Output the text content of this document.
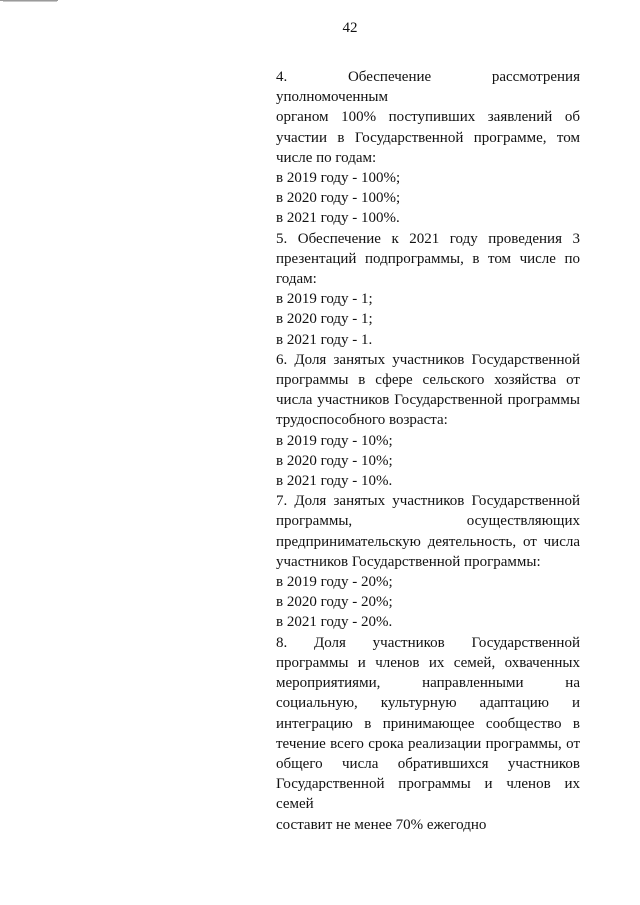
42
4. Обеспечение рассмотрения уполномоченным
органом 100% поступивших заявлений об
участии в Государственной программе, том
числе по годам:
в 2019 году - 100%;
в 2020 году - 100%;
в 2021 году - 100%.
5. Обеспечение к 2021 году проведения 3
презентаций подпрограммы, в том числе по
годам:
в 2019 году - 1;
в 2020 году - 1;
в 2021 году - 1.
6. Доля занятых участников Государственной
программы в сфере сельского хозяйства от
числа участников Государственной программы
трудоспособного возраста:
в 2019 году - 10%;
в 2020 году - 10%;
в 2021 году - 10%.
7. Доля занятых участников Государственной
программы, осуществляющих
предпринимательскую деятельность, от числа
участников Государственной программы:
в 2019 году - 20%;
в 2020 году - 20%;
в 2021 году - 20%.
8. Доля участников Государственной
программы и членов их семей, охваченных
мероприятиями, направленными на
социальную, культурную адаптацию и
интеграцию в принимающее сообщество в
течение всего срока реализации программы, от
общего числа обратившихся участников
Государственной программы и членов их семей
составит не менее 70% ежегодно
